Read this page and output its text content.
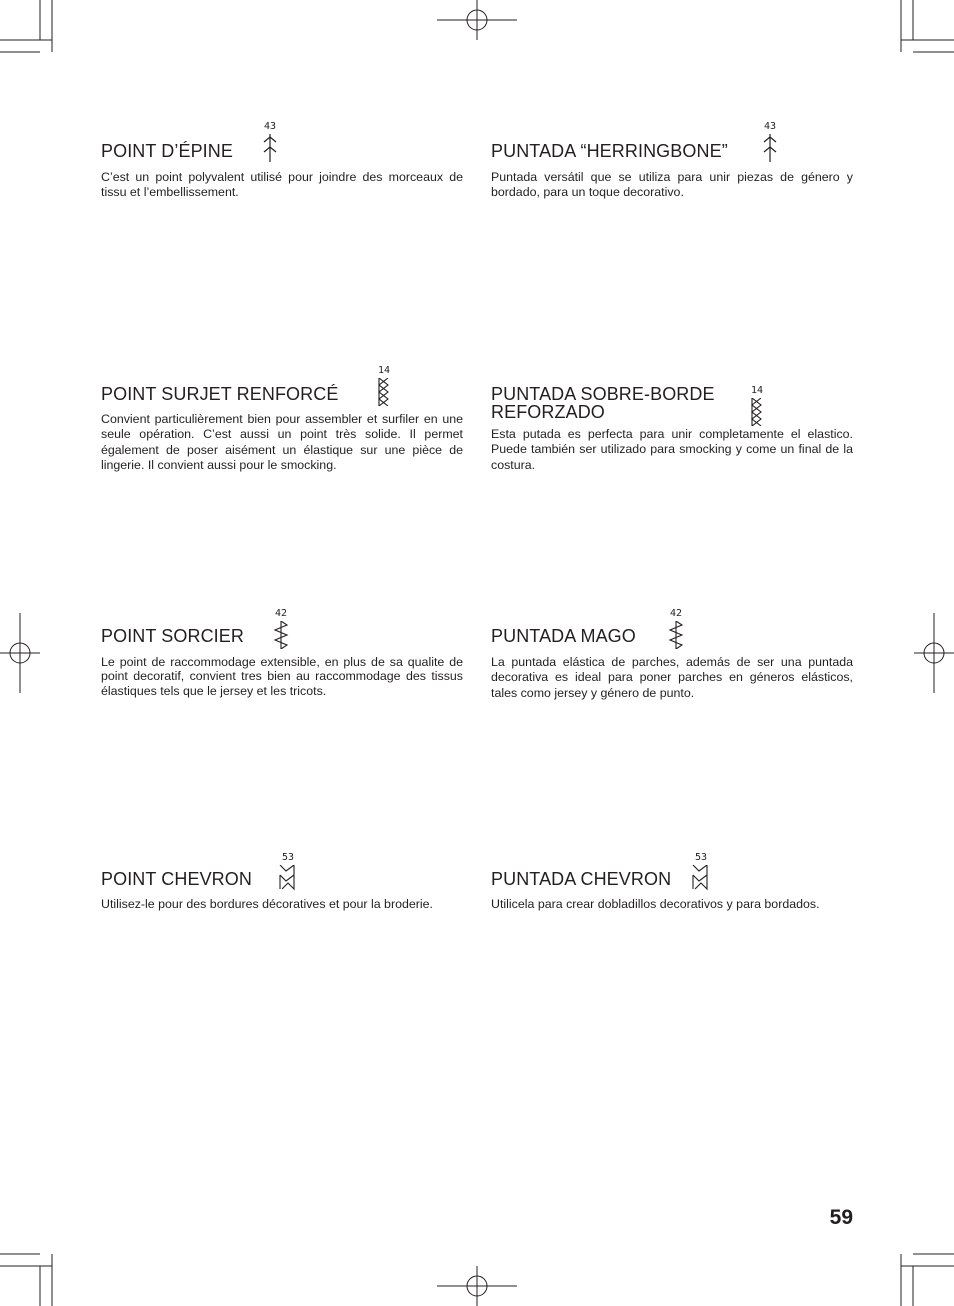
POINT D’ÉPINE

C’est un point polyvalent utilisé pour joindre des morceaux de tissu et l’embellissement.

43
PUNTADA “HERRINGBONE”

Puntada versátil que se utiliza para unir piezas de género y bordado, para un toque decorativo.

43
POINT SURJET RENFORCÉ

Convient particulièrement bien pour assembler et surfiler en une seule opération. C’est aussi un point très solide. Il permet également de poser aisément un élastique sur une pièce de lingerie. Il convient aussi pour le smocking.

14
PUNTADA SOBRE-BORDE
REFORZADO

Esta putada es perfecta para unir completamente el elastico. Puede también ser utilizado para smocking y come un final de la costura.

14
POINT SORCIER

Le point de raccommodage extensible, en plus de sa qualite de point decoratif, convient tres bien au raccommodage des tissus élastiques tels que le jersey et les tricots.

42
PUNTADA MAGO

La puntada elástica de parches, además de ser una puntada decorativa es ideal para poner parches en géneros elásticos, tales como jersey y género de punto.

42
POINT CHEVRON

Utilisez-le pour des bordures décoratives et pour la broderie.

53
PUNTADA CHEVRON

Utilicela para crear dobladillos decorativos y para bordados.

53
59
